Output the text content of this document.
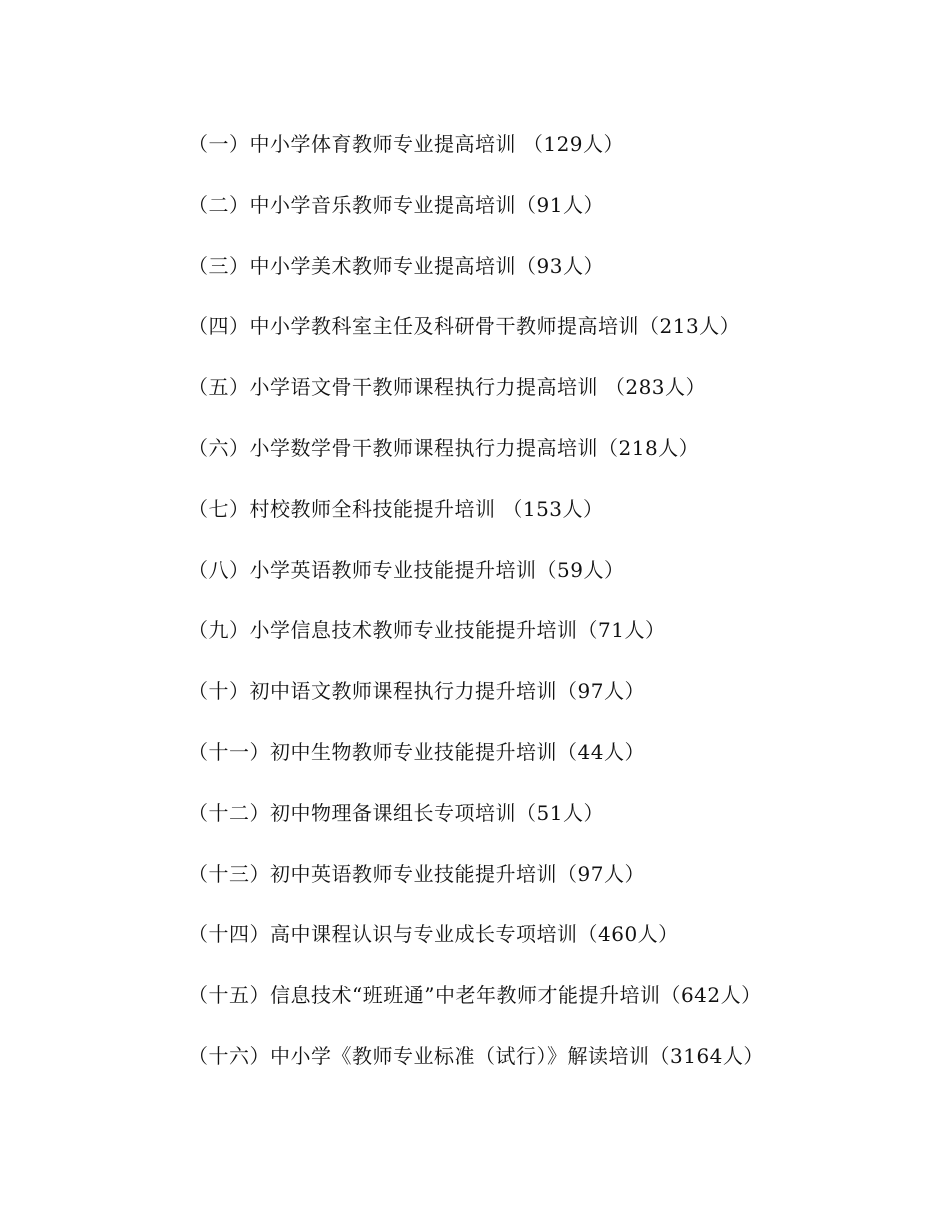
（一）中小学体育教师专业提高培训 （129人）
（二）中小学音乐教师专业提高培训（91人）
（三）中小学美术教师专业提高培训（93人）
（四）中小学教科室主任及科研骨干教师提高培训（213人）
（五）小学语文骨干教师课程执行力提高培训 （283人）
（六）小学数学骨干教师课程执行力提高培训（218人）
（七）村校教师全科技能提升培训 （153人）
（八）小学英语教师专业技能提升培训（59人）
（九）小学信息技术教师专业技能提升培训（71人）
（十）初中语文教师课程执行力提升培训（97人）
（十一）初中生物教师专业技能提升培训（44人）
（十二）初中物理备课组长专项培训（51人）
（十三）初中英语教师专业技能提升培训（97人）
（十四）高中课程认识与专业成长专项培训（460人）
（十五）信息技术“班班通”中老年教师才能提升培训（642人）
（十六）中小学《教师专业标准（试行）》解读培训（3164人）
